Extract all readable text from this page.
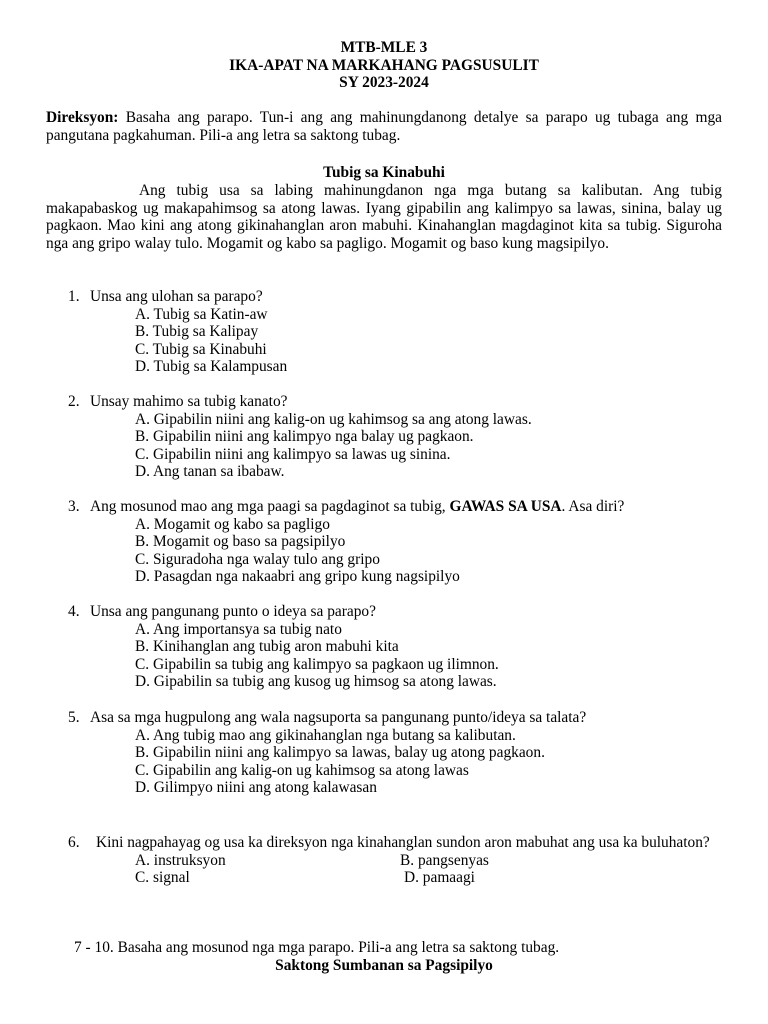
MTB-MLE 3
IKA-APAT NA MARKAHANG PAGSUSULIT
SY 2023-2024
Direksyon: Basaha ang parapo. Tun-i ang ang mahinungdanong detalye sa parapo ug tubaga ang mga pangutana pagkahuman. Pili-a ang letra sa saktong tubag.
Tubig sa Kinabuhi
Ang tubig usa sa labing mahinungdanon nga mga butang sa kalibutan. Ang tubig makapabaskog ug makapahimsog sa atong lawas. Iyang gipabilin ang kalimpyo sa lawas, sinina, balay ug pagkaon. Mao kini ang atong gikinahanglan aron mabuhi. Kinahanglan magdaginot kita sa tubig. Siguroha nga ang gripo walay tulo. Mogamit og kabo sa pagligo. Mogamit og baso kung magsipilyo.
1. Unsa ang ulohan sa parapo?
A. Tubig sa Katin-aw
B. Tubig sa Kalipay
C. Tubig sa Kinabuhi
D. Tubig sa Kalampusan
2. Unsay mahimo sa tubig kanato?
A. Gipabilin niini ang kalig-on ug kahimsog sa ang atong lawas.
B. Gipabilin niini ang kalimpyo nga balay ug pagkaon.
C. Gipabilin niini ang kalimpyo sa lawas ug sinina.
D. Ang tanan sa ibabaw.
3. Ang mosunod mao ang mga paagi sa pagdaginot sa tubig, GAWAS SA USA. Asa diri?
A. Mogamit og kabo sa pagligo
B. Mogamit og baso sa pagsipilyo
C. Siguradoha nga walay tulo ang gripo
D. Pasagdan nga nakaabri ang gripo kung nagsipilyo
4. Unsa ang pangunang punto o ideya sa parapo?
A. Ang importansya sa tubig nato
B. Kinihanglan ang tubig aron mabuhi kita
C. Gipabilin sa tubig ang kalimpyo sa pagkaon ug ilimnon.
D. Gipabilin sa tubig ang kusog ug himsog sa atong lawas.
5. Asa sa mga hugpulong ang wala nagsuporta sa pangunang punto/ideya sa talata?
A. Ang tubig mao ang gikinahanglan nga butang sa kalibutan.
B. Gipabilin niini ang kalimpyo sa lawas, balay ug atong pagkaon.
C. Gipabilin ang kalig-on ug kahimsog sa atong lawas
D. Gilimpyo niini ang atong kalawasan
6.	Kini nagpahayag og usa ka direksyon nga kinahanglan sundon aron mabuhat ang usa ka buluhaton?
A. instruksyon	B. pangsenyas
C. signal	D. pamaagi
7 - 10. Basaha ang mosunod nga mga parapo. Pili-a ang letra sa saktong tubag.
Saktong Sumbanan sa Pagsipilyo
